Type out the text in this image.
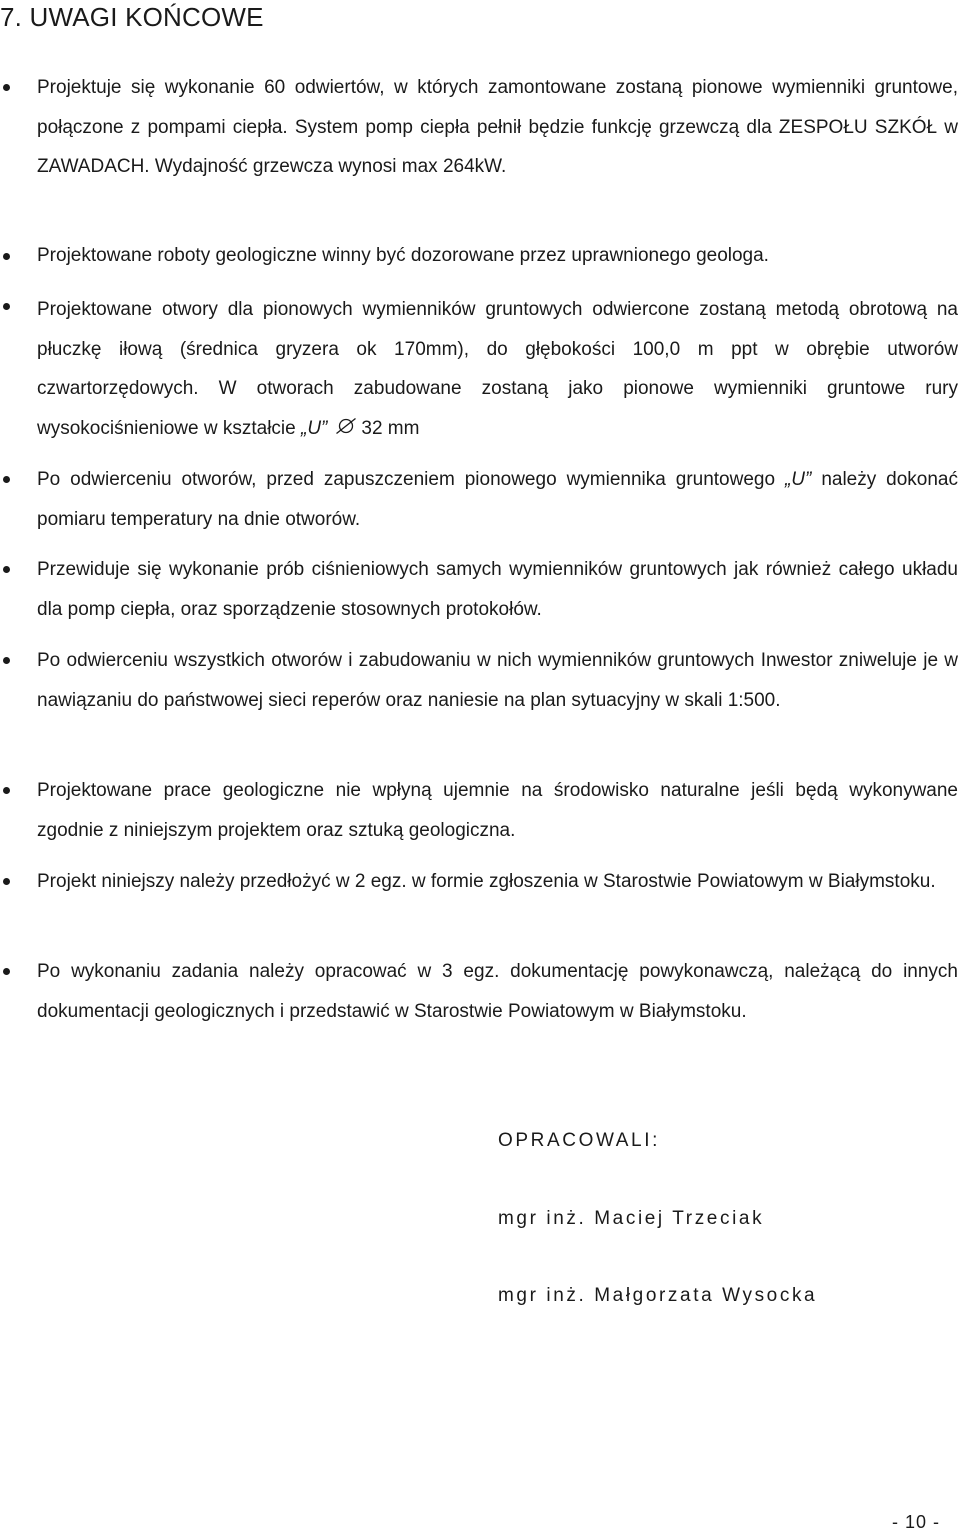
7. UWAGI KOŃCOWE

Projektuje się wykonanie 60 odwiertów, w których zamontowane zostaną pionowe wymienniki gruntowe, połączone z pompami ciepła. System pomp ciepła pełnił będzie funkcję grzewczą dla ZESPOŁU SZKÓŁ w ZAWADACH. Wydajność grzewcza wynosi max 264kW.

Projektowane roboty geologiczne winny być dozorowane przez uprawnionego geologa.

Projektowane otwory dla pionowych wymienników gruntowych odwiercone zostaną metodą obrotową na płuczkę iłową (średnica gryzera ok 170mm), do głębokości 100,0 m ppt w obrębie utworów czwartorzędowych. W otworach zabudowane zostaną jako pionowe wymienniki gruntowe rury wysokociśnieniowe w kształcie „U” 32 mm

Po odwierceniu otworów, przed zapuszczeniem pionowego wymiennika gruntowego „U” należy dokonać pomiaru temperatury na dnie otworów.

Przewiduje się wykonanie prób ciśnieniowych samych wymienników gruntowych jak również całego układu dla pomp ciepła, oraz sporządzenie stosownych protokołów.

Po odwierceniu wszystkich otworów i zabudowaniu w nich wymienników gruntowych Inwestor zniweluje je w nawiązaniu do państwowej sieci reperów oraz naniesie na plan sytuacyjny w skali 1:500.

Projektowane prace geologiczne nie wpłyną ujemnie na środowisko naturalne jeśli będą wykonywane zgodnie z niniejszym projektem oraz sztuką geologiczna.

Projekt niniejszy należy przedłożyć w 2 egz. w formie zgłoszenia w Starostwie Powiatowym w Białymstoku.

Po wykonaniu zadania należy opracować w 3 egz. dokumentację powykonawczą, należącą do innych dokumentacji geologicznych i przedstawić w Starostwie Powiatowym w Białymstoku.

OPRACOWALI:

mgr inż. Maciej Trzeciak

mgr inż. Małgorzata Wysocka

- 10 -
